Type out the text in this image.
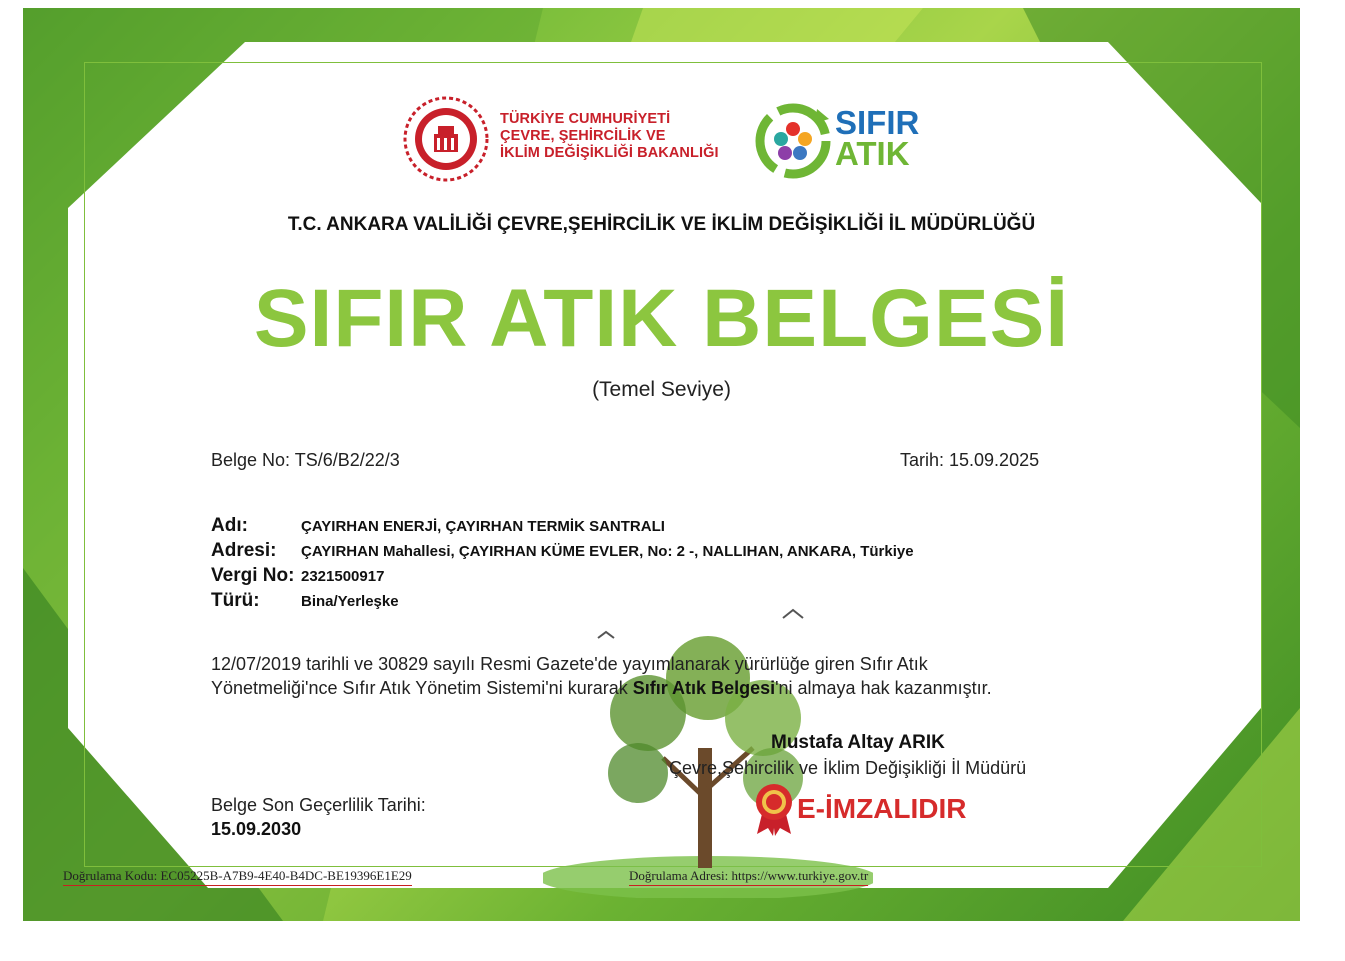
TÜRKİYE CUMHURİYETİ
ÇEVRE, ŞEHİRCİLİK VE
İKLİM DEĞİŞİKLİĞİ BAKANLIĞI
SIFIR
ATIK
T.C. ANKARA VALİLİĞİ ÇEVRE,ŞEHİRCİLİK VE İKLİM DEĞİŞİKLİĞİ İL MÜDÜRLÜĞÜ
SIFIR ATIK BELGESİ
(Temel Seviye)
Belge No: TS/6/B2/22/3	Tarih: 15.09.2025
Adı:	ÇAYIRHAN ENERJİ, ÇAYIRHAN TERMİK SANTRALI
Adresi: ÇAYIRHAN Mahallesi, ÇAYIRHAN KÜME EVLER, No: 2 -, NALLIHAN, ANKARA, Türkiye
Vergi No: 2321500917
Türü:	Bina/Yerleşke
12/07/2019 tarihli ve 30829 sayılı Resmi Gazete'de yayımlanarak yürürlüğe giren Sıfır Atık
Yönetmeliği'nce Sıfır Atık Yönetim Sistemi'ni kurarak Sıfır Atık Belgesi'ni almaya hak kazanmıştır.
Mustafa Altay ARIK
Çevre,Şehircilik ve İklim Değişikliği İl Müdürü
E-İMZALIDIR
Belge Son Geçerlilik Tarihi:
15.09.2030
Doğrulama Kodu: EC05225B-A7B9-4E40-B4DC-BE19396E1E29	Doğrulama Adresi: https://www.turkiye.gov.tr
